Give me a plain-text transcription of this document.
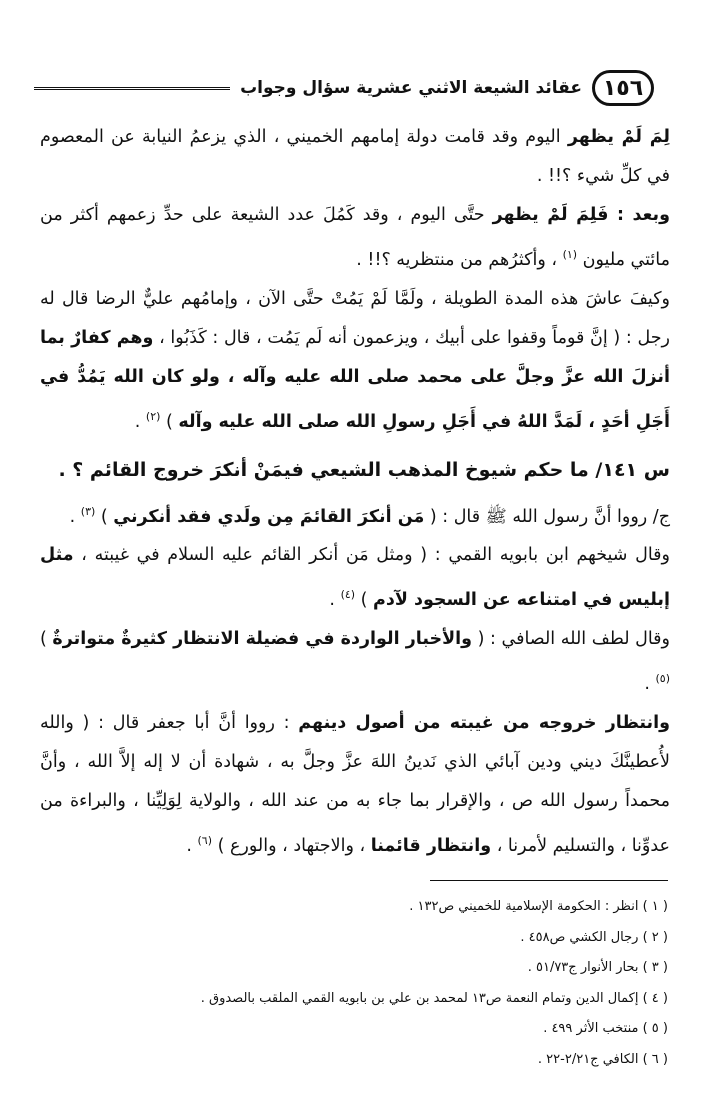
١٥٦
عقائد الشيعة الاثني عشرية سؤال وجواب

لِمَ لَمْ يظهر اليوم وقد قامت دولة إمامهم الخميني ، الذي يزعمُ النيابة عن المعصوم في كلِّ شيء ؟!! .

وبعد : فَلِمَ لَمْ يظهر حتَّى اليوم ، وقد كَمُلَ عدد الشيعة على حدِّ زعمهم أكثر من مائتي مليون $^{(١)}$ ، وأكثرُهم من منتظريه ؟!! .

وكيفَ عاشَ هذه المدة الطويلة ، ولَمَّا لَمْ يَمُتْ حتَّى الآن ، وإمامُهم عليٌّ الرضا قال له رجل : ( إنَّ قوماً وقفوا على أبيك ، ويزعمون أنه لَم يَمُت ، قال : كَذَبُوا ، وهم كفارٌ بما أنزلَ الله عزَّ وجلَّ على محمد صلى الله عليه وآله ، ولو كان الله يَمُدُّ في أَجَلِ أحَدٍ ، لَمَدَّ اللهُ في أَجَلِ رسولِ الله صلى الله عليه وآله ) $^{(٢)}$ .

س ١٤١/ ما حكم شيوخ المذهب الشيعي فيمَنْ أنكرَ خروج القائم ؟ .

ج/ رووا أنَّ رسول الله ﷺ قال : ( مَن أنكرَ القائمَ مِن ولَدي فقد أنكرني ) $^{(٣)}$ .

وقال شيخهم ابن بابويه القمي : ( ومثل مَن أنكر القائم عليه السلام في غيبته ، مثل إبليس في امتناعه عن السجود لآدم ) $^{(٤)}$ .

وقال لطف الله الصافي : ( والأخبار الواردة في فضيلة الانتظار كثيرةٌ متواترةٌ ) $^{(٥)}$ .

وانتظار خروجه من غيبته من أصول دينهم : رووا أنَّ أبا جعفر قال : ( والله لأُعطينَّكَ ديني ودين آبائي الذي نَدينُ اللهَ عزَّ وجلَّ به ، شهادة أن لا إله إلاَّ الله ، وأنَّ محمداً رسول الله ص ، والإقرار بما جاء به من عند الله ، والولاية لِوَلِيِّنا ، والبراءة من عدوِّنا ، والتسليم لأمرنا ، وانتظار قائمنا ، والاجتهاد ، والورع ) $^{(٦)}$ .

( ١ ) انظر : الحكومة الإسلامية للخميني ص١٣٢ .

( ٢ ) رجال الكشي ص٤٥٨ .

( ٣ ) بحار الأنوار ج٥١/٧٣ .

( ٤ ) إكمال الدين وتمام النعمة ص١٣ لمحمد بن علي بن بابويه القمي الملقب بالصدوق .

( ٥ ) منتخب الأثر ٤٩٩ .

( ٦ ) الكافي ج٢/٢١-٢٢ .
